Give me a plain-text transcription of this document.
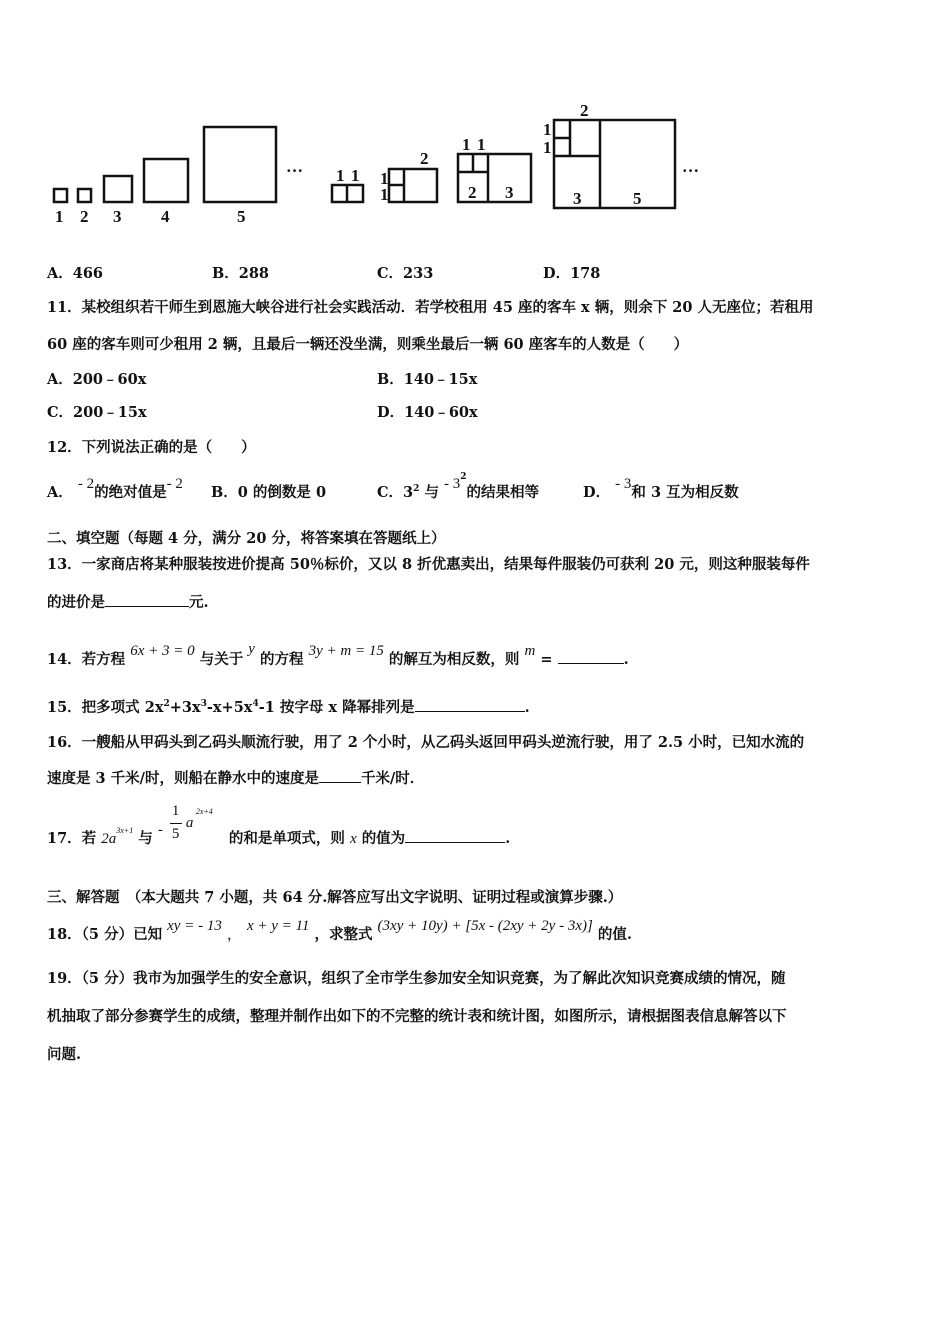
1 2 3 4	5
… 1 1 1
1
2
1 1
2 3
2
1
1
3	5
…
A．466	B．288	C．233	D．178
11．某校组织若干师生到恩施大峡谷进行社会实践活动．若学校租用 45 座的客车 x 辆，则余下 20 人无座位；若租用
60 座的客车则可少租用 2 辆，且最后一辆还没坐满，则乘坐最后一辆 60 座客车的人数是（　　）
A．200﹣60x	B．140﹣15x
C．200﹣15x	D．140﹣60x
12．下列说法正确的是（　　）
A． - 2的绝对值是- 2 B．0 的倒数是 0	C．$3^2$ 与 - $3^2$的结果相等	D． - 3和 3 互为相反数
二、填空题（每题 4 分，满分 20 分，将答案填在答题纸上）
13．一家商店将某种服装按进价提高 50％标价，又以 8 折优惠卖出，结果每件服装仍可获利 20 元，则这种服装每件
的进价是	元.
14．若方程 6x + 3 = 0 与关于 y 的方程 3y + m = 15 的解互为相反数，则 m =	.
15．把多项式 $2x^2+3x^3-x+5x^4-1$ 按字母 x 降幂排列是	.
16．一艘船从甲码头到乙码头顺流行驶，用了 2 个小时，从乙码头返回甲码头逆流行驶，用了 2.5 小时，已知水流的
速度是 3 千米/时，则船在静水中的速度是	千米/时．
17．若 $2a^{3x+1}$ 与 -
1
5
a
2x+4
的和是单项式，则 x 的值为	.
三、解答题　（本大题共 7 小题，共 64 分.解答应写出文字说明、证明过程或演算步骤.）
18．（5 分）已知 xy = - 13 ， x + y = 11 ，求整式 (3xy + 10y) + [5x - (2xy + 2y - 3x)] 的值.
19．（5 分）我市为加强学生的安全意识，组织了全市学生参加安全知识竞赛，为了解此次知识竞赛成绩的情况，随
机抽取了部分参赛学生的成绩，整理并制作出如下的不完整的统计表和统计图，如图所示，请根据图表信息解答以下
问题.
